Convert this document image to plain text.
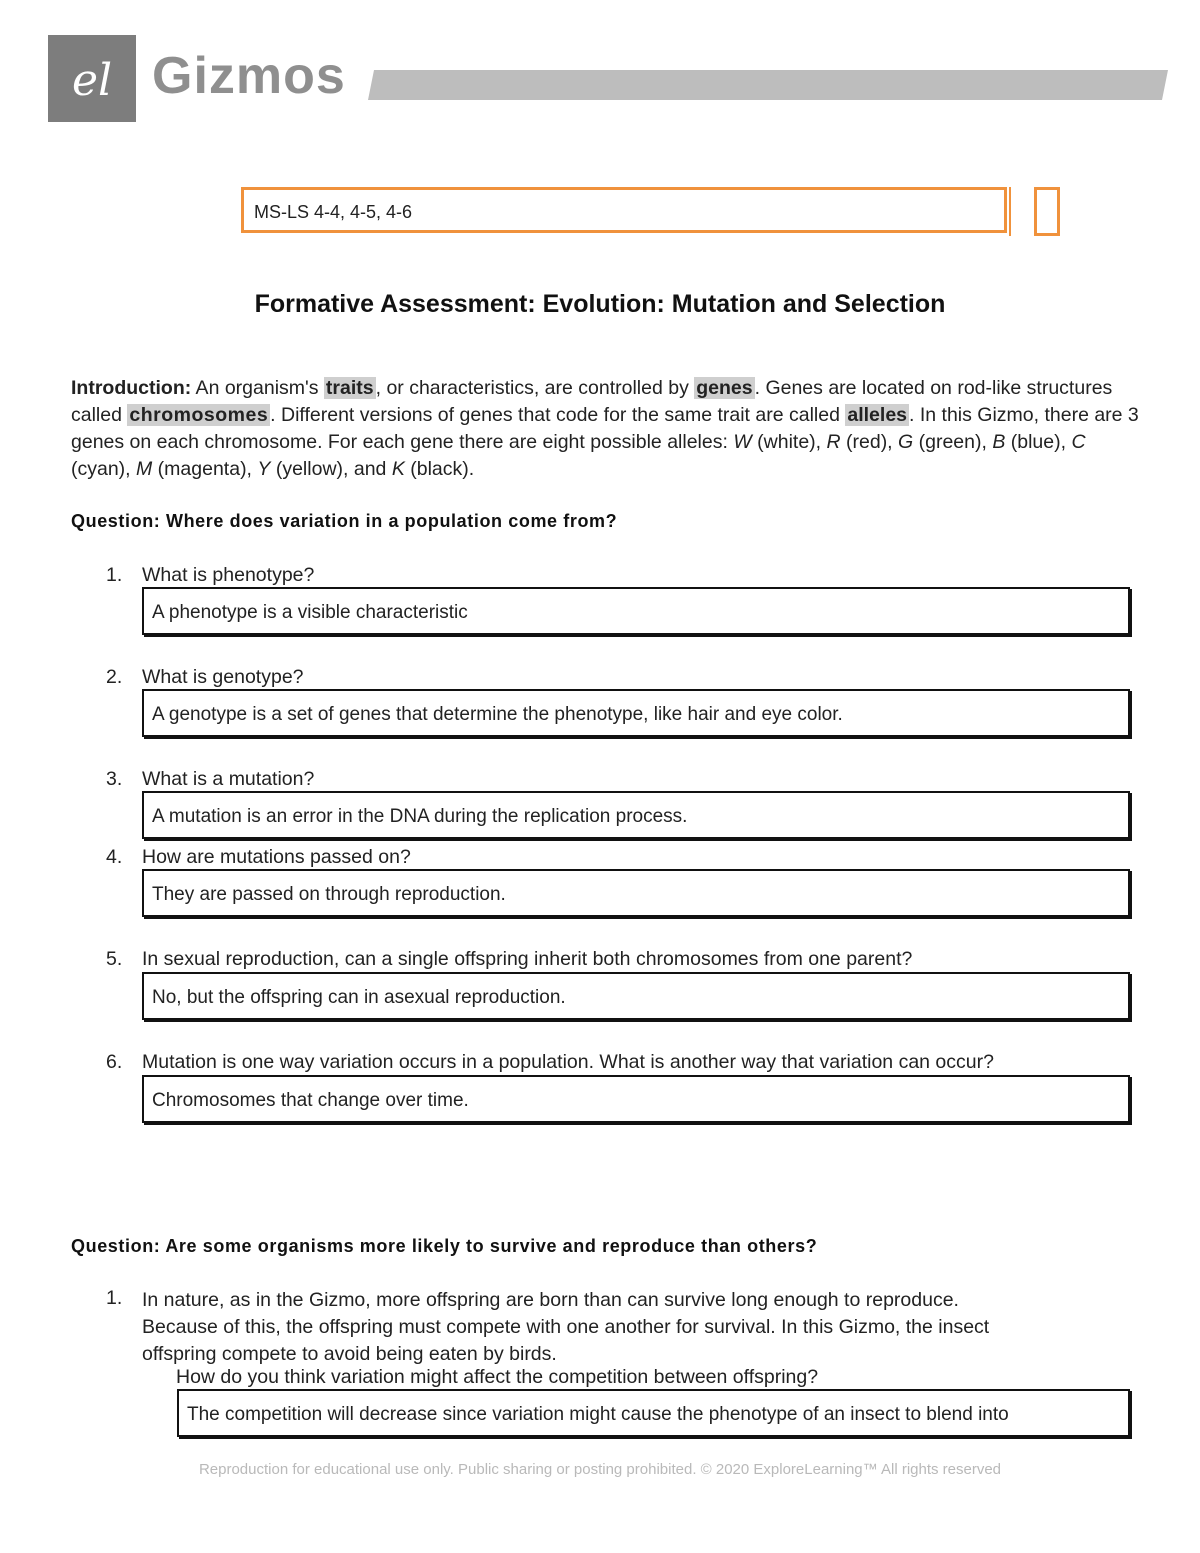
el Gizmos
MS-LS 4-4, 4-5, 4-6
Formative Assessment: Evolution: Mutation and Selection
Introduction: An organism's traits , or characteristics, are controlled by genes . Genes are located on rod-like structures called chromosomes . Different versions of genes that code for the same trait are called alleles . In this Gizmo, there are 3 genes on each chromosome. For each gene there are eight possible alleles: W (white), R (red), G (green), B (blue), C (cyan), M (magenta), Y (yellow), and K (black).
Question: Where does variation in a population come from?
1. What is phenotype?
A phenotype is a visible characteristic
2. What is genotype?
A genotype is a set of genes that determine the phenotype, like hair and eye color.
3. What is a mutation?
A mutation is an error in the DNA during the replication process.
4. How are mutations passed on?
They are passed on through reproduction.
5. In sexual reproduction, can a single offspring inherit both chromosomes from one parent?
No, but the offspring can in asexual reproduction.
6. Mutation is one way variation occurs in a population. What is another way that variation can occur?
Chromosomes that change over time.
Question: Are some organisms more likely to survive and reproduce than others?
1. In nature, as in the Gizmo, more offspring are born than can survive long enough to reproduce.
Because of this, the offspring must compete with one another for survival. In this Gizmo, the insect
offspring compete to avoid being eaten by birds.
How do you think variation might affect the competition between offspring?
The competition will decrease since variation might cause the phenotype of an insect to blend into
Reproduction for educational use only. Public sharing or posting prohibited. © 2020 ExploreLearning™ All rights reserved
